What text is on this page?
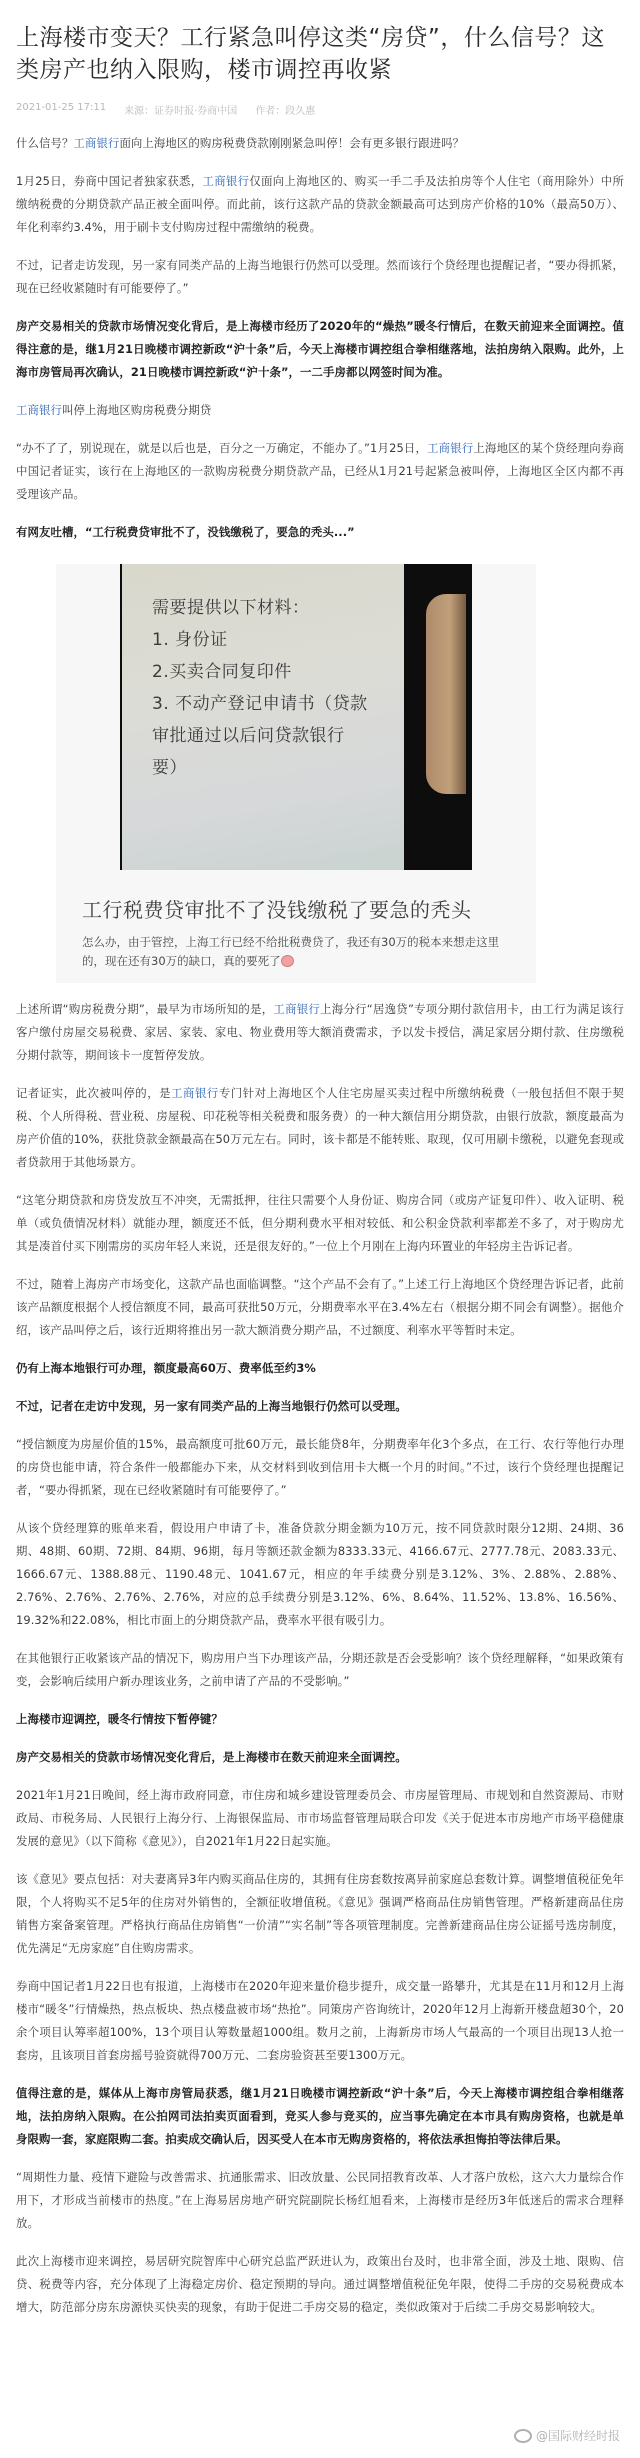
上海楼市变天？工行紧急叫停这类“房贷”，什么信号？这类房产也纳入限购，楼市调控再收紧
2021-01-25 17:11 来源：证券时报·券商中国 作者：段久惠

什么信号？工商银行面向上海地区的购房税费贷款刚刚紧急叫停！会有更多银行跟进吗？

1月25日，券商中国记者独家获悉，工商银行仅面向上海地区的、购买一手二手及法拍房等个人住宅（商用除外）中所缴纳税费的分期贷款产品正被全面叫停。而此前，该行这款产品的贷款金额最高可达到房产价格的10%（最高50万）、年化利率约3.4%，用于刷卡支付购房过程中需缴纳的税费。

不过，记者走访发现，另一家有同类产品的上海当地银行仍然可以受理。然而该行个贷经理也提醒记者，“要办得抓紧，现在已经收紧随时有可能要停了。”

房产交易相关的贷款市场情况变化背后，是上海楼市经历了2020年的“燥热”暖冬行情后，在数天前迎来全面调控。值得注意的是，继1月21日晚楼市调控新政“沪十条”后，今天上海楼市调控组合拳相继落地，法拍房纳入限购。此外，上海市房管局再次确认，21日晚楼市调控新政“沪十条”，一二手房都以网签时间为准。

工商银行叫停上海地区购房税费分期贷

“办不了了，别说现在，就是以后也是，百分之一万确定，不能办了。”1月25日，工商银行上海地区的某个贷经理向券商中国记者证实，该行在上海地区的一款购房税费分期贷款产品，已经从1月21号起紧急被叫停，上海地区全区内都不再受理该产品。

有网友吐槽，“工行税费贷审批不了，没钱缴税了，要急的秃头...”

需要提供以下材料：
1. 身份证
2.买卖合同复印件
3. 不动产登记申请书（贷款
审批通过以后问贷款银行
要）
工行税费贷审批不了没钱缴税了要急的秃头
怎么办，由于管控，上海工行已经不给批税费贷了，我还有30万的税本来想走这里的，现在还有30万的缺口，真的要死了

上述所谓“购房税费分期”，最早为市场所知的是，工商银行上海分行“居逸贷”专项分期付款信用卡，由工行为满足该行客户缴付房屋交易税费、家居、家装、家电、物业费用等大额消费需求，予以发卡授信，满足家居分期付款、住房缴税分期付款等，期间该卡一度暂停发放。

记者证实，此次被叫停的，是工商银行专门针对上海地区个人住宅房屋买卖过程中所缴纳税费（一般包括但不限于契税、个人所得税、营业税、房屋税、印花税等相关税费和服务费）的一种大额信用分期贷款，由银行放款，额度最高为房产价值的10%，获批贷款金额最高在50万元左右。同时，该卡都是不能转账、取现，仅可用刷卡缴税，以避免套现或者贷款用于其他场景方。

“这笔分期贷款和房贷发放互不冲突，无需抵押，往往只需要个人身份证、购房合同（或房产证复印件）、收入证明、税单（或负债情况材料）就能办理，额度还不低，但分期利费水平相对较低、和公积金贷款利率都差不多了，对于购房尤其是凑首付买下刚需房的买房年轻人来说，还是很友好的。”一位上个月刚在上海内环置业的年轻房主告诉记者。

不过，随着上海房产市场变化，这款产品也面临调整。“这个产品不会有了。”上述工行上海地区个贷经理告诉记者，此前该产品额度根据个人授信额度不同，最高可获批50万元，分期费率水平在3.4%左右（根据分期不同会有调整）。据他介绍，该产品叫停之后，该行近期将推出另一款大额消费分期产品，不过额度、利率水平等暂时未定。

仍有上海本地银行可办理，额度最高60万、费率低至约3%

不过，记者在走访中发现，另一家有同类产品的上海当地银行仍然可以受理。

“授信额度为房屋价值的15%，最高额度可批60万元，最长能贷8年，分期费率年化3个多点，在工行、农行等他行办理的房贷也能申请，符合条件一般都能办下来，从交材料到收到信用卡大概一个月的时间。”不过，该行个贷经理也提醒记者，“要办得抓紧，现在已经收紧随时有可能要停了。”

从该个贷经理算的账单来看，假设用户申请了卡，准备贷款分期金额为10万元，按不同贷款时限分12期、24期、36期、48期、60期、72期、84期、96期，每月等额还款金额为8333.33元、4166.67元、2777.78元、2083.33元、1666.67元、1388.88元、1190.48元、1041.67元，相应的年手续费分别是3.12%、3%、2.88%、2.88%、2.76%、2.76%、2.76%、2.76%，对应的总手续费分别是3.12%、6%、8.64%、11.52%、13.8%、16.56%、19.32%和22.08%，相比市面上的分期贷款产品，费率水平很有吸引力。

在其他银行正收紧该产品的情况下，购房用户当下办理该产品，分期还款是否会受影响？该个贷经理解释，“如果政策有变，会影响后续用户新办理该业务，之前申请了产品的不受影响。”

上海楼市迎调控，暖冬行情按下暂停键？

房产交易相关的贷款市场情况变化背后，是上海楼市在数天前迎来全面调控。

2021年1月21日晚间，经上海市政府同意，市住房和城乡建设管理委员会、市房屋管理局、市规划和自然资源局、市财政局、市税务局、人民银行上海分行、上海银保监局、市市场监督管理局联合印发《关于促进本市房地产市场平稳健康发展的意见》（以下简称《意见》），自2021年1月22日起实施。

该《意见》要点包括：对夫妻离异3年内购买商品住房的，其拥有住房套数按离异前家庭总套数计算。调整增值税征免年限，个人将购买不足5年的住房对外销售的，全额征收增值税。《意见》强调严格商品住房销售管理。严格新建商品住房销售方案备案管理。严格执行商品住房销售“一价清”“实名制”等各项管理制度。完善新建商品住房公证摇号选房制度，优先满足“无房家庭”自住购房需求。

券商中国记者1月22日也有报道，上海楼市在2020年迎来量价稳步提升，成交量一路攀升，尤其是在11月和12月上海楼市“暖冬”行情燥热，热点板块、热点楼盘被市场“热抢”。同策房产咨询统计，2020年12月上海新开楼盘超30个，20余个项目认筹率超100%，13个项目认筹数量超1000组。数月之前，上海新房市场人气最高的一个项目出现13人抢一套房，且该项目首套房摇号验资就得700万元、二套房验资甚至要1300万元。

值得注意的是，媒体从上海市房管局获悉，继1月21日晚楼市调控新政“沪十条”后，今天上海楼市调控组合拳相继落地，法拍房纳入限购。在公拍网司法拍卖页面看到，竞买人参与竞买的，应当事先确定在本市具有购房资格，也就是单身限购一套，家庭限购二套。拍卖成交确认后，因买受人在本市无购房资格的，将依法承担悔拍等法律后果。

“周期性力量、疫情下避险与改善需求、抗通胀需求、旧改放量、公民同招教育改革、人才落户放松，这六大力量综合作用下，才形成当前楼市的热度。”在上海易居房地产研究院副院长杨红旭看来，上海楼市是经历3年低迷后的需求合理释放。

此次上海楼市迎来调控，易居研究院智库中心研究总监严跃进认为，政策出台及时，也非常全面，涉及土地、限购、信贷、税费等内容，充分体现了上海稳定房价、稳定预期的导向。通过调整增值税征免年限，使得二手房的交易税费成本增大，防范部分房东房源快买快卖的现象，有助于促进二手房交易的稳定，类似政策对于后续二手房交易影响较大。

@国际财经时报
